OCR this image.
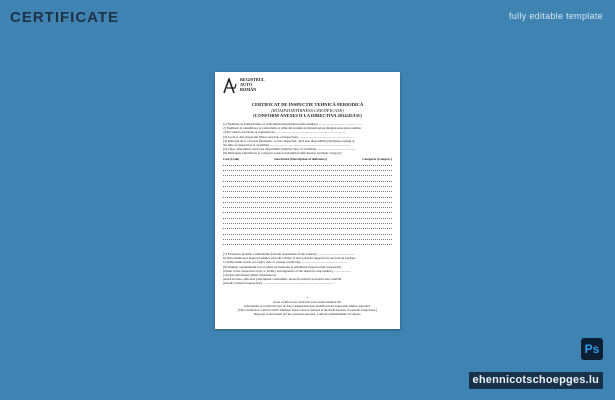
CERTIFICATE	fully editable template
REGISTRUL
AUTO
ROMÂN
CERTIFICAT DE INSPECȚIE TEHNICĂ PERIODICĂ
(ROADWORTHINESS CERTIFICATE)
[CONFORM ANEXEI II LA DIRECTIVA 2014/45/UE]
(1) Numărul de înmatriculare al vehiculului (Registration plate number) ....................................................
2) Numărul de identificare al vehiculului și simbolul statului de înmatriculare (Registration plate number
of the vehicle and State of registration) ......................................................................................
(3) Locul și data inspecției (Place and date of inspection) .................................................................
(4) Indicația de la contorul kilometric, la data inspecției, dacă este disponibilă (Odometer reading at
the time of inspection, if available) .................................................................................................
(5) Clasa vehiculului, dacă este disponibilă (Vehicle class, if available) ...............................................
(6) Deficiențe identificate și categoria acestora (Identified deficiencies and their category)
Cod (Code)	Descrierea (Description of deficiency)	Categorie (Category)
(7) Evaluarea globală a vehiculului (Overall assessment of the vehicle) .............................................
8) Data următoarei inspecții tehnice periodice (Date of next periodic inspection) sau data de expirare
a certificatului curent (or expiry date of current certificate) ........................................................
(9) Numele organismului sau al stației de inspecție și semnătura inspectorului responsabil
(Name of the inspection body or facility and signature of the inspector responsible) .....................
(10) Alte informații (Other information)
pentru în baza, aplicarea principiului confirmării, inspecția tehnică periodică este valabilă
periodic technical inspection) ......................................................................................
*
Acest certificat este valabil în toate statele membre UE.
Informațiile se verifică în baza de date a Registrului Auto Român privind inspecțiile tehnice periodice.
(This certificate is valid in all EU Member States. Data is checked in the RAR database of periodic inspections.)
Inspecția se efectuează de către personal autorizat, conform reglementărilor în vigoare.
Ps
ehennicotschoepges.lu
